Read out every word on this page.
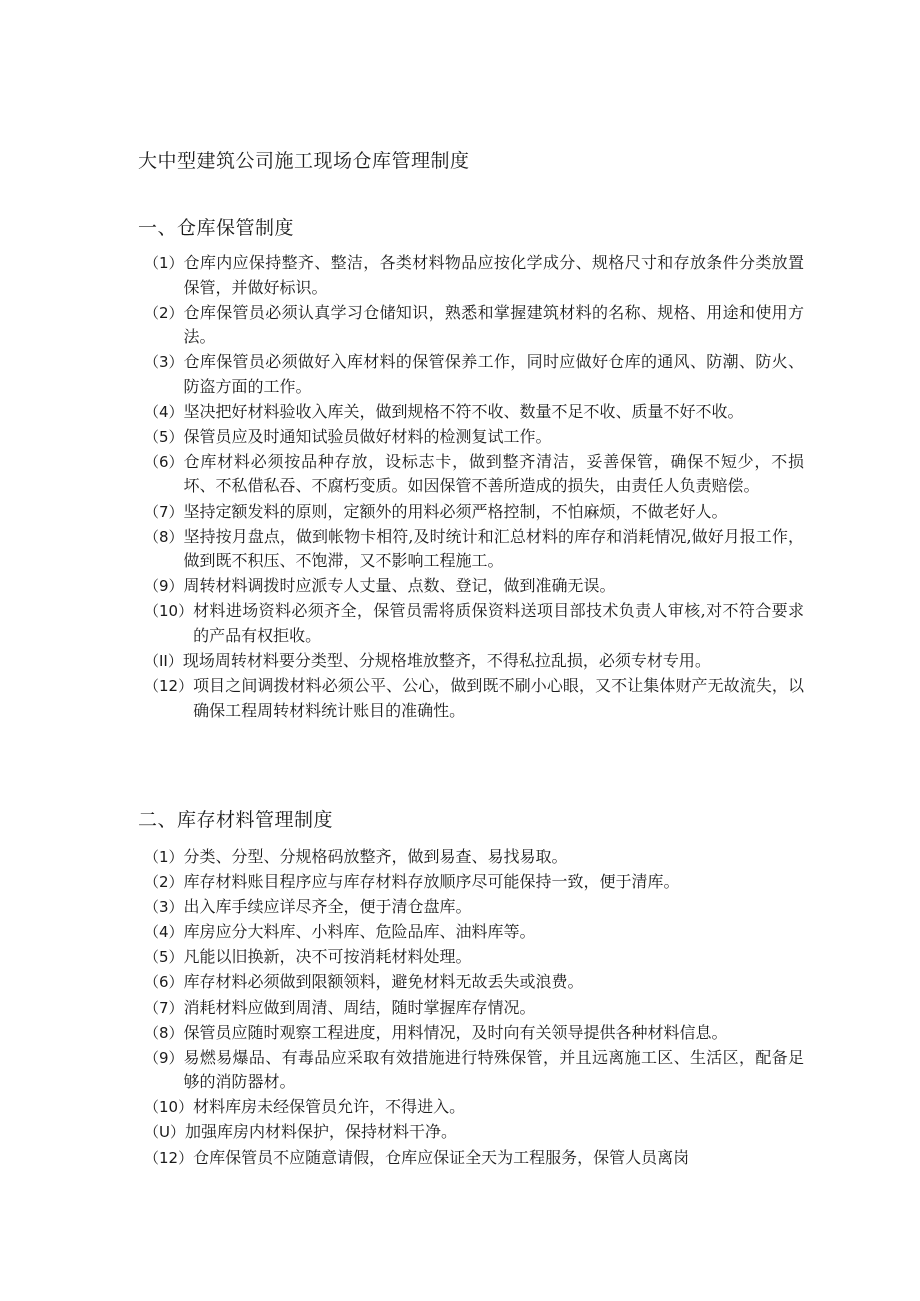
大中型建筑公司施工现场仓库管理制度
一、仓库保管制度
（1） 仓库内应保持整齐、整洁，各类材料物品应按化学成分、规格尺寸和存放条件分类放置保管，并做好标识。
（2） 仓库保管员必须认真学习仓储知识，熟悉和掌握建筑材料的名称、规格、用途和使用方法。
（3） 仓库保管员必须做好入库材料的保管保养工作，同时应做好仓库的通风、防潮、防火、防盗方面的工作。
（4） 坚决把好材料验收入库关，做到规格不符不收、数量不足不收、质量不好不收。
（5） 保管员应及时通知试验员做好材料的检测复试工作。
（6） 仓库材料必须按品种存放，设标志卡，做到整齐清洁，妥善保管，确保不短少，不损坏、不私借私吞、不腐朽变质。如因保管不善所造成的损失，由责任人负责赔偿。
（7） 坚持定额发料的原则，定额外的用料必须严格控制，不怕麻烦，不做老好人。
（8） 坚持按月盘点，做到帐物卡相符,及时统计和汇总材料的库存和消耗情况,做好月报工作，做到既不积压、不饱滞，又不影响工程施工。
（9） 周转材料调拨时应派专人丈量、点数、登记，做到准确无误。
（10） 材料进场资料必须齐全，保管员需将质保资料送项目部技术负责人审核,对不符合要求的产品有权拒收。
（II） 现场周转材料要分类型、分规格堆放整齐，不得私拉乱损，必须专材专用。
（12） 项目之间调拨材料必须公平、公心，做到既不刷小心眼，又不让集体财产无故流失，以确保工程周转材料统计账目的准确性。
二、库存材料管理制度
（1） 分类、分型、分规格码放整齐，做到易查、易找易取。
（2） 库存材料账目程序应与库存材料存放顺序尽可能保持一致，便于清库。
（3） 出入库手续应详尽齐全，便于清仓盘库。
（4） 库房应分大料库、小料库、危险品库、油料库等。
（5） 凡能以旧换新，决不可按消耗材料处理。
（6） 库存材料必须做到限额领料，避免材料无故丢失或浪费。
（7） 消耗材料应做到周清、周结，随时掌握库存情况。
（8） 保管员应随时观察工程进度，用料情况，及时向有关领导提供各种材料信息。
（9） 易燃易爆品、有毒品应采取有效措施进行特殊保管，并且远离施工区、生活区，配备足够的消防器材。
（10） 材料库房未经保管员允许，不得进入。
（U） 加强库房内材料保护，保持材料干净。
（12） 仓库保管员不应随意请假，仓库应保证全天为工程服务，保管人员离岗
